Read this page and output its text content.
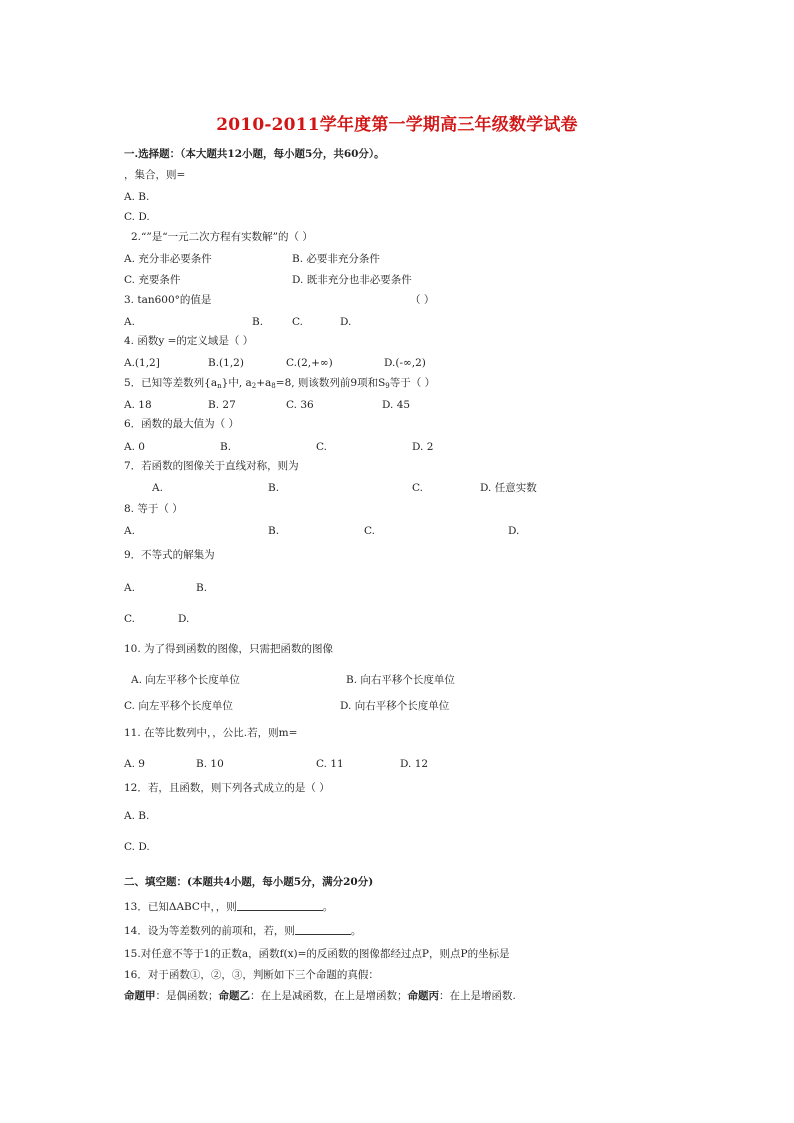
2010-2011学年度第一学期高三年级数学试卷
一.选择题：（本大题共12小题，每小题5分，共60分）。
，集合，则=
A. B.
C. D.
2.“”是“一元二次方程有实数解”的（ ）
A. 充分非必要条件	B. 必要非充分条件
C. 充要条件	D. 既非充分也非必要条件
3. tan600°的值是	（ ）
A.	B.	C.	D.
4. 函数y =的定义域是（ ）
A.(1,2]	B.(1,2)	C.(2,+∞)	D.(-∞,2)
5．已知等差数列$\{a_n\}$中, $a_2+a_8=8$, 则该数列前9项和$S_9$等于（ ）
A. 18	B. 27	C. 36	D. 45
6．函数的最大值为（ ）
A. 0	B.	C.	D. 2
7．若函数的图像关于直线对称，则为
A.	B.	C.	D. 任意实数
8. 等于（ ）
A.	B.	C.	D.
9．不等式的解集为
A.	B.
C.	D.
10. 为了得到函数的图像，只需把函数的图像
A. 向左平移个长度单位	B. 向右平移个长度单位
C. 向左平移个长度单位	D. 向右平移个长度单位
11. 在等比数列中，，公比.若，则m=
A. 9	B. 10	C. 11	D. 12
12．若，且函数，则下列各式成立的是（ ）
A. B.
C. D.
二、填空题：(本题共4小题，每小题5分，满分20分)
13．已知ΔABC中，，则	。
14．设为等差数列的前项和，若，则	。
15.对任意不等于1的正数a，函数f(x)=的反函数的图像都经过点P，则点P的坐标是
16．对于函数①，②，③，判断如下三个命题的真假：
命题甲：是偶函数；命题乙：在上是减函数，在上是增函数；命题丙：在上是增函数.
